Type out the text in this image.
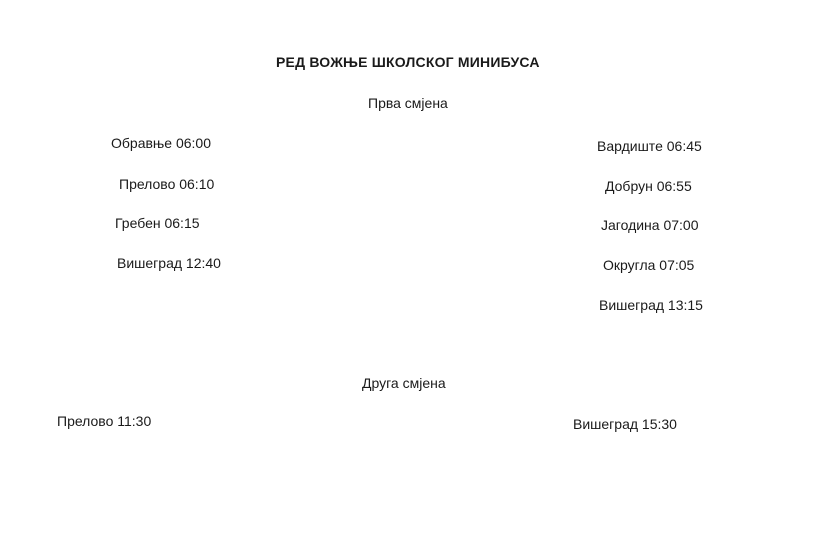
РЕД ВОЖЊЕ ШКОЛСКОГ МИНИБУСА
Прва смјена
Обравње 06:00
Прелово 06:10
Гребен 06:15
Вишеград 12:40
Вардиште 06:45
Добрун 06:55
Јагодина 07:00
Округла 07:05
Вишеград 13:15
Друга смјена
Прелово 11:30	Вишеград 15:30
